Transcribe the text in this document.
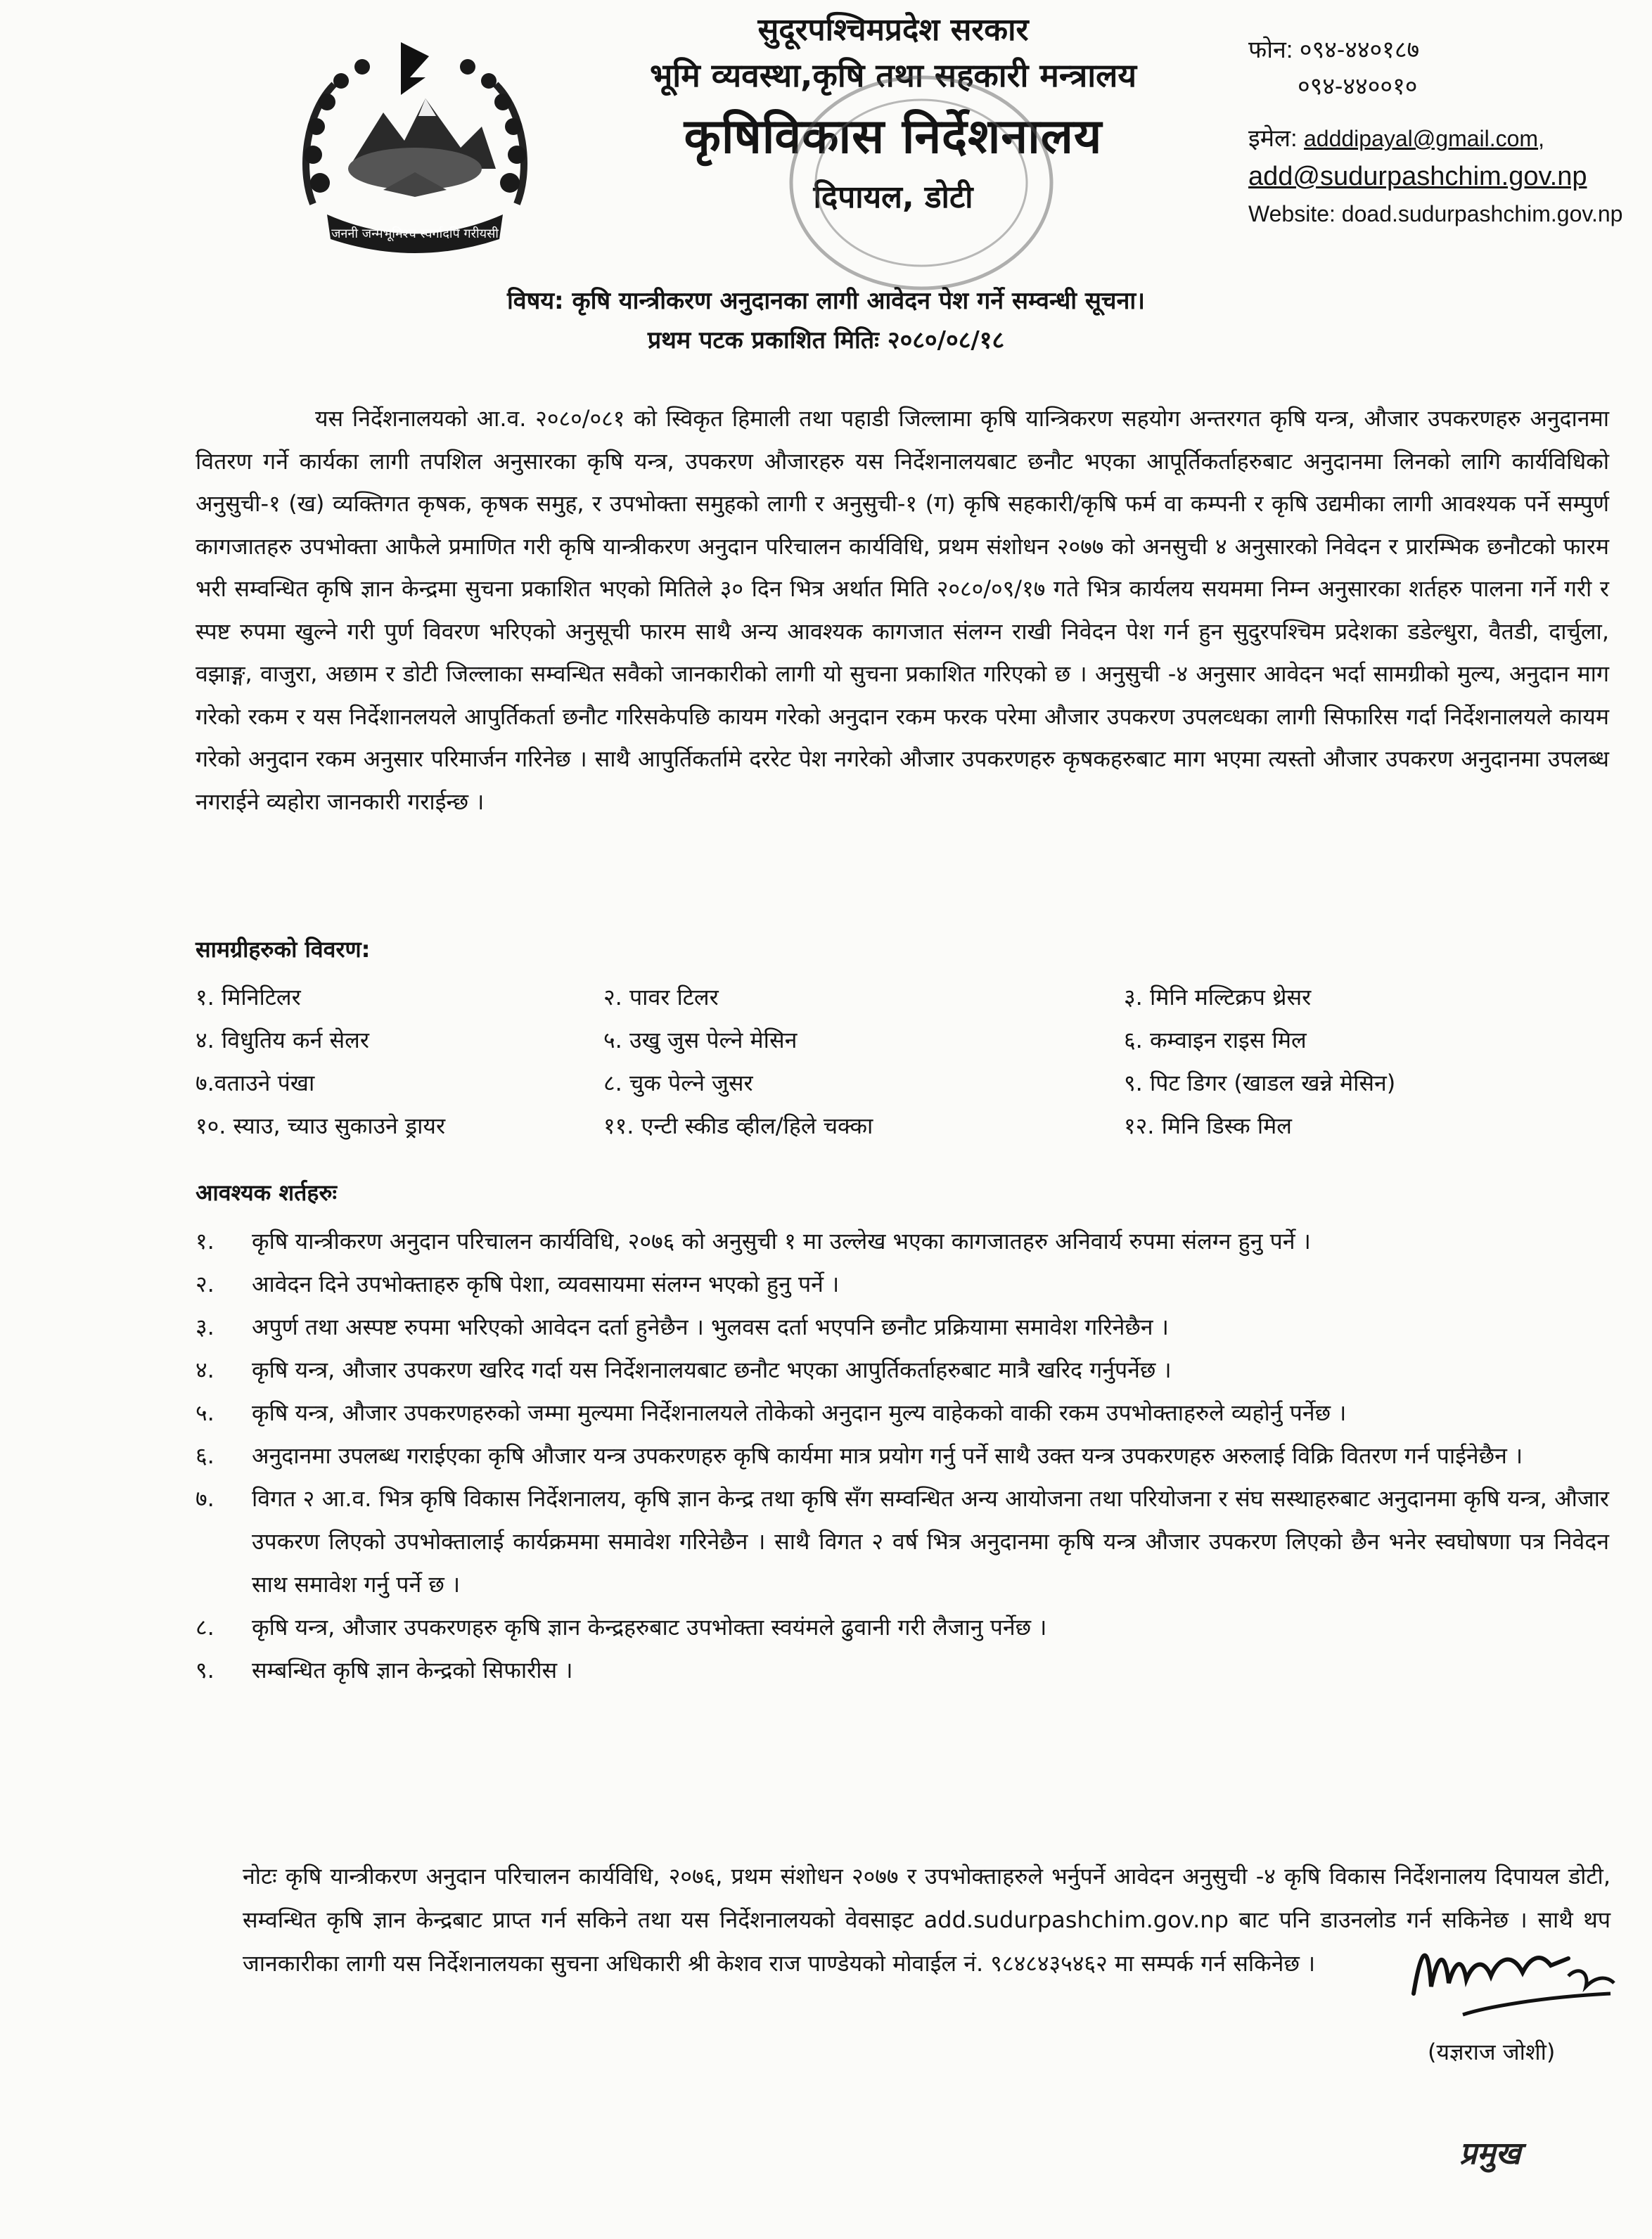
जननी जन्मभूमिश्च स्वर्गादपि गरीयसी
सुदूरपश्चिमप्रदेश सरकार
भूमि व्यवस्था,कृषि तथा सहकारी मन्त्रालय
कृषिविकास निर्देशनालय
दिपायल, डोटी
फोन: ०९४-४४०१८७
०९४-४४००१०
इमेल: adddipayal@gmail.com,
add@sudurpashchim.gov.np
Website: doad.sudurpashchim.gov.np
विषय: कृषि यान्त्रीकरण अनुदानका लागी आवेदन पेश गर्ने सम्वन्धी सूचना।
प्रथम पटक प्रकाशित मितिः २०८०/०८/१८
यस निर्देशनालयको आ.व. २०८०/०८१ को स्विकृत हिमाली तथा पहाडी जिल्लामा कृषि यान्त्रिकरण सहयोग अन्तरगत कृषि यन्त्र, औजार उपकरणहरु अनुदानमा वितरण गर्ने कार्यका लागी तपशिल अनुसारका कृषि यन्त्र, उपकरण औजारहरु यस निर्देशनालयबाट छनौट भएका आपूर्तिकर्ताहरुबाट अनुदानमा लिनको लागि कार्यविधिको अनुसुची-१ (ख) व्यक्तिगत कृषक, कृषक समुह, र उपभोक्ता समुहको लागी र अनुसुची-१ (ग) कृषि सहकारी/कृषि फर्म वा कम्पनी र कृषि उद्यमीका लागी आवश्यक पर्ने सम्पुर्ण कागजातहरु उपभोक्ता आफैले प्रमाणित गरी कृषि यान्त्रीकरण अनुदान परिचालन कार्यविधि, प्रथम संशोधन २०७७ को अनसुची ४ अनुसारको निवेदन र प्रारम्भिक छनौटको फारम भरी सम्वन्धित कृषि ज्ञान केन्द्रमा सुचना प्रकाशित भएको मितिले ३० दिन भित्र अर्थात मिति २०८०/०९/१७ गते भित्र कार्यलय सयममा निम्न अनुसारका शर्तहरु पालना गर्ने गरी र स्पष्ट रुपमा खुल्ने गरी पुर्ण विवरण भरिएको अनुसूची फारम साथै अन्य आवश्यक कागजात संलग्न राखी निवेदन पेश गर्न हुन सुदुरपश्चिम प्रदेशका डडेल्धुरा, वैतडी, दार्चुला, वझाङ्ग, वाजुरा, अछाम र डोटी जिल्लाका सम्वन्धित सवैको जानकारीको लागी यो सुचना प्रकाशित गरिएको छ । अनुसुची -४ अनुसार आवेदन भर्दा सामग्रीको मुल्य, अनुदान माग गरेको रकम र यस निर्देशानलयले आपुर्तिकर्ता छनौट गरिसकेपछि कायम गरेको अनुदान रकम फरक परेमा औजार उपकरण उपलव्धका लागी सिफारिस गर्दा निर्देशनालयले कायम गरेको अनुदान रकम अनुसार परिमार्जन गरिनेछ । साथै आपुर्तिकर्तामे दररेट पेश नगरेको औजार उपकरणहरु कृषकहरुबाट माग भएमा त्यस्तो औजार उपकरण अनुदानमा उपलब्ध नगराईने व्यहोरा जानकारी गराईन्छ ।
सामग्रीहरुको विवरण:
१. मिनिटिलर	२. पावर टिलर	३. मिनि मल्टिक्रप थ्रेसर
४. विधुतिय कर्न सेलर	५. उखु जुस पेल्ने मेसिन	६. कम्वाइन राइस मिल
७.वताउने पंखा	८. चुक पेल्ने जुसर	९. पिट डिगर (खाडल खन्ने मेसिन)
१०. स्याउ, च्याउ सुकाउने ड्रायर	११. एन्टी स्कीड व्हील/हिले चक्का	१२. मिनि डिस्क मिल
आवश्यक शर्तहरुः
१. कृषि यान्त्रीकरण अनुदान परिचालन कार्यविधि, २०७६ को अनुसुची १ मा उल्लेख भएका कागजातहरु अनिवार्य रुपमा संलग्न हुनु पर्ने ।
२. आवेदन दिने उपभोक्ताहरु कृषि पेशा, व्यवसायमा संलग्न भएको हुनु पर्ने ।
३. अपुर्ण तथा अस्पष्ट रुपमा भरिएको आवेदन दर्ता हुनेछैन । भुलवस दर्ता भएपनि छनौट प्रक्रियामा समावेश गरिनेछैन ।
४. कृषि यन्त्र, औजार उपकरण खरिद गर्दा यस निर्देशनालयबाट छनौट भएका आपुर्तिकर्ताहरुबाट मात्रै खरिद गर्नुपर्नेछ ।
५. कृषि यन्त्र, औजार उपकरणहरुको जम्मा मुल्यमा निर्देशनालयले तोकेको अनुदान मुल्य वाहेकको वाकी रकम उपभोक्ताहरुले व्यहोर्नु पर्नेछ ।
६. अनुदानमा उपलब्ध गराईएका कृषि औजार यन्त्र उपकरणहरु कृषि कार्यमा मात्र प्रयोग गर्नु पर्ने साथै उक्त यन्त्र उपकरणहरु अरुलाई विक्रि वितरण गर्न पाईनेछैन ।
७. विगत २ आ.व. भित्र कृषि विकास निर्देशनालय, कृषि ज्ञान केन्द्र तथा कृषि सँग सम्वन्धित अन्य आयोजना तथा परियोजना र संघ सस्थाहरुबाट अनुदानमा कृषि यन्त्र, औजार उपकरण लिएको उपभोक्तालाई कार्यक्रममा समावेश गरिनेछैन । साथै विगत २ वर्ष भित्र अनुदानमा कृषि यन्त्र औजार उपकरण लिएको छैन भनेर स्वघोषणा पत्र निवेदन साथ समावेश गर्नु पर्ने छ ।
८. कृषि यन्त्र, औजार उपकरणहरु कृषि ज्ञान केन्द्रहरुबाट उपभोक्ता स्वयंमले ढुवानी गरी लैजानु पर्नेछ ।
९. सम्बन्धित कृषि ज्ञान केन्द्रको सिफारीस ।
नोटः कृषि यान्त्रीकरण अनुदान परिचालन कार्यविधि, २०७६, प्रथम संशोधन २०७७ र उपभोक्ताहरुले भर्नुपर्ने आवेदन अनुसुची -४ कृषि विकास निर्देशनालय दिपायल डोटी, सम्वन्धित कृषि ज्ञान केन्द्रबाट प्राप्त गर्न सकिने तथा यस निर्देशनालयको वेवसाइट add.sudurpashchim.gov.np बाट पनि डाउनलोड गर्न सकिनेछ । साथै थप जानकारीका लागी यस निर्देशनालयका सुचना अधिकारी श्री केशव राज पाण्डेयको मोवाईल नं. ९८४८४३५४६२ मा सम्पर्क गर्न सकिनेछ ।
(यज्ञराज जोशी)
प्रमुख
